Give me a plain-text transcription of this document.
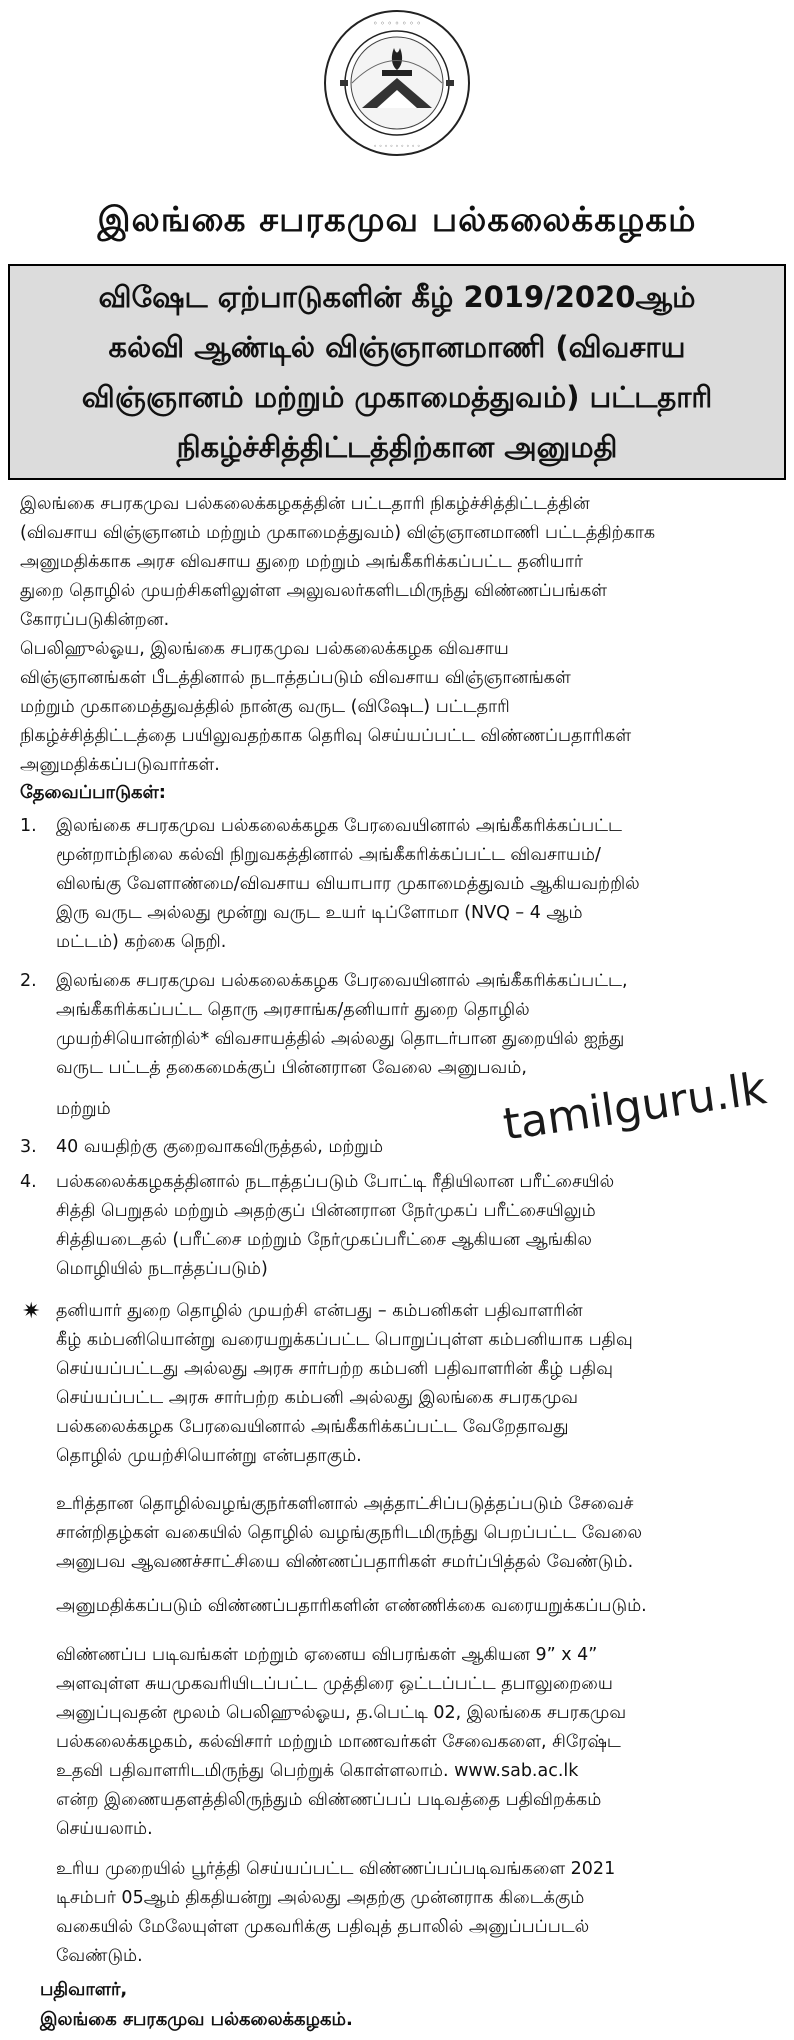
◦ ◦ ◦ ◦ ◦ ◦ ◦
◦ ◦ ◦ ◦ ◦ ◦ ◦ ◦ ◦
இலங்கை சபரகமுவ பல்கலைக்கழகம்
விஷேட ஏற்பாடுகளின் கீழ் 2019/2020ஆம்
கல்வி ஆண்டில் விஞ்ஞானமாணி (விவசாய
விஞ்ஞானம் மற்றும் முகாமைத்துவம்) பட்டதாரி
நிகழ்ச்சித்திட்டத்திற்கான அனுமதி
இலங்கை சபரகமுவ பல்கலைக்கழகத்தின் பட்டதாரி நிகழ்ச்சித்திட்டத்தின்
(விவசாய விஞ்ஞானம் மற்றும் முகாமைத்துவம்) விஞ்ஞானமாணி பட்டத்திற்காக
அனுமதிக்காக அரச விவசாய துறை மற்றும் அங்கீகரிக்கப்பட்ட தனியார்
துறை தொழில் முயற்சிகளிலுள்ள அலுவலர்களிடமிருந்து விண்ணப்பங்கள்
கோரப்படுகின்றன.
பெலிஹுல்ஓய, இலங்கை சபரகமுவ பல்கலைக்கழக விவசாய
விஞ்ஞானங்கள் பீடத்தினால் நடாத்தப்படும் விவசாய விஞ்ஞானங்கள்
மற்றும் முகாமைத்துவத்தில் நான்கு வருட (விஷேட) பட்டதாரி
நிகழ்ச்சித்திட்டத்தை பயிலுவதற்காக தெரிவு செய்யப்பட்ட விண்ணப்பதாரிகள்
அனுமதிக்கப்படுவார்கள்.
தேவைப்பாடுகள்:
1. இலங்கை சபரகமுவ பல்கலைக்கழக பேரவையினால் அங்கீகரிக்கப்பட்ட
மூன்றாம்நிலை கல்வி நிறுவகத்தினால் அங்கீகரிக்கப்பட்ட விவசாயம்/
விலங்கு வேளாண்மை/விவசாய வியாபார முகாமைத்துவம் ஆகியவற்றில்
இரு வருட அல்லது மூன்று வருட உயர் டிப்ளோமா (NVQ – 4 ஆம்
மட்டம்) கற்கை நெறி.
2. இலங்கை சபரகமுவ பல்கலைக்கழக பேரவையினால் அங்கீகரிக்கப்பட்ட,
அங்கீகரிக்கப்பட்ட தொரு அரசாங்க/தனியார் துறை தொழில்
முயற்சியொன்றில்* விவசாயத்தில் அல்லது தொடர்பான துறையில் ஐந்து
வருட பட்டத் தகைமைக்குப் பின்னரான வேலை அனுபவம்,
மற்றும்
3. 40 வயதிற்கு குறைவாகவிருத்தல், மற்றும்
4. பல்கலைக்கழகத்தினால் நடாத்தப்படும் போட்டி ரீதியிலான பரீட்சையில்
சித்தி பெறுதல் மற்றும் அதற்குப் பின்னரான நேர்முகப் பரீட்சையிலும்
சித்தியடைதல் (பரீட்சை மற்றும் நேர்முகப்பரீட்சை ஆகியன ஆங்கில
மொழியில் நடாத்தப்படும்)
✷ தனியார் துறை தொழில் முயற்சி என்பது – கம்பனிகள் பதிவாளரின்
கீழ் கம்பனியொன்று வரையறுக்கப்பட்ட பொறுப்புள்ள கம்பனியாக பதிவு
செய்யப்பட்டது அல்லது அரசு சார்பற்ற கம்பனி பதிவாளரின் கீழ் பதிவு
செய்யப்பட்ட அரசு சார்பற்ற கம்பனி அல்லது இலங்கை சபரகமுவ
பல்கலைக்கழக பேரவையினால் அங்கீகரிக்கப்பட்ட வேறேதாவது
தொழில் முயற்சியொன்று என்பதாகும்.
உரித்தான தொழில்வழங்குநர்களினால் அத்தாட்சிப்படுத்தப்படும் சேவைச்
சான்றிதழ்கள் வகையில் தொழில் வழங்குநரிடமிருந்து பெறப்பட்ட வேலை
அனுபவ ஆவணச்சாட்சியை விண்ணப்பதாரிகள் சமர்ப்பித்தல் வேண்டும்.
அனுமதிக்கப்படும் விண்ணப்பதாரிகளின் எண்ணிக்கை வரையறுக்கப்படும்.
விண்ணப்ப படிவங்கள் மற்றும் ஏனைய விபரங்கள் ஆகியன 9” x 4”
அளவுள்ள சுயமுகவரியிடப்பட்ட முத்திரை ஒட்டப்பட்ட தபாலுறையை
அனுப்புவதன் மூலம் பெலிஹுல்ஓய, த.பெட்டி 02, இலங்கை சபரகமுவ
பல்கலைக்கழகம், கல்விசார் மற்றும் மாணவர்கள் சேவைகளை, சிரேஷ்ட
உதவி பதிவாளரிடமிருந்து பெற்றுக் கொள்ளலாம். www.sab.ac.lk
என்ற இணையதளத்திலிருந்தும் விண்ணப்பப் படிவத்தை பதிவிறக்கம்
செய்யலாம்.
உரிய முறையில் பூர்த்தி செய்யப்பட்ட விண்ணப்பப்படிவங்களை 2021
டிசம்பர் 05ஆம் திகதியன்று அல்லது அதற்கு முன்னராக கிடைக்கும்
வகையில் மேலேயுள்ள முகவரிக்கு பதிவுத் தபாலில் அனுப்பப்படல்
வேண்டும்.
பதிவாளர்,
இலங்கை சபரகமுவ பல்கலைக்கழகம்.
tamilguru.lk
